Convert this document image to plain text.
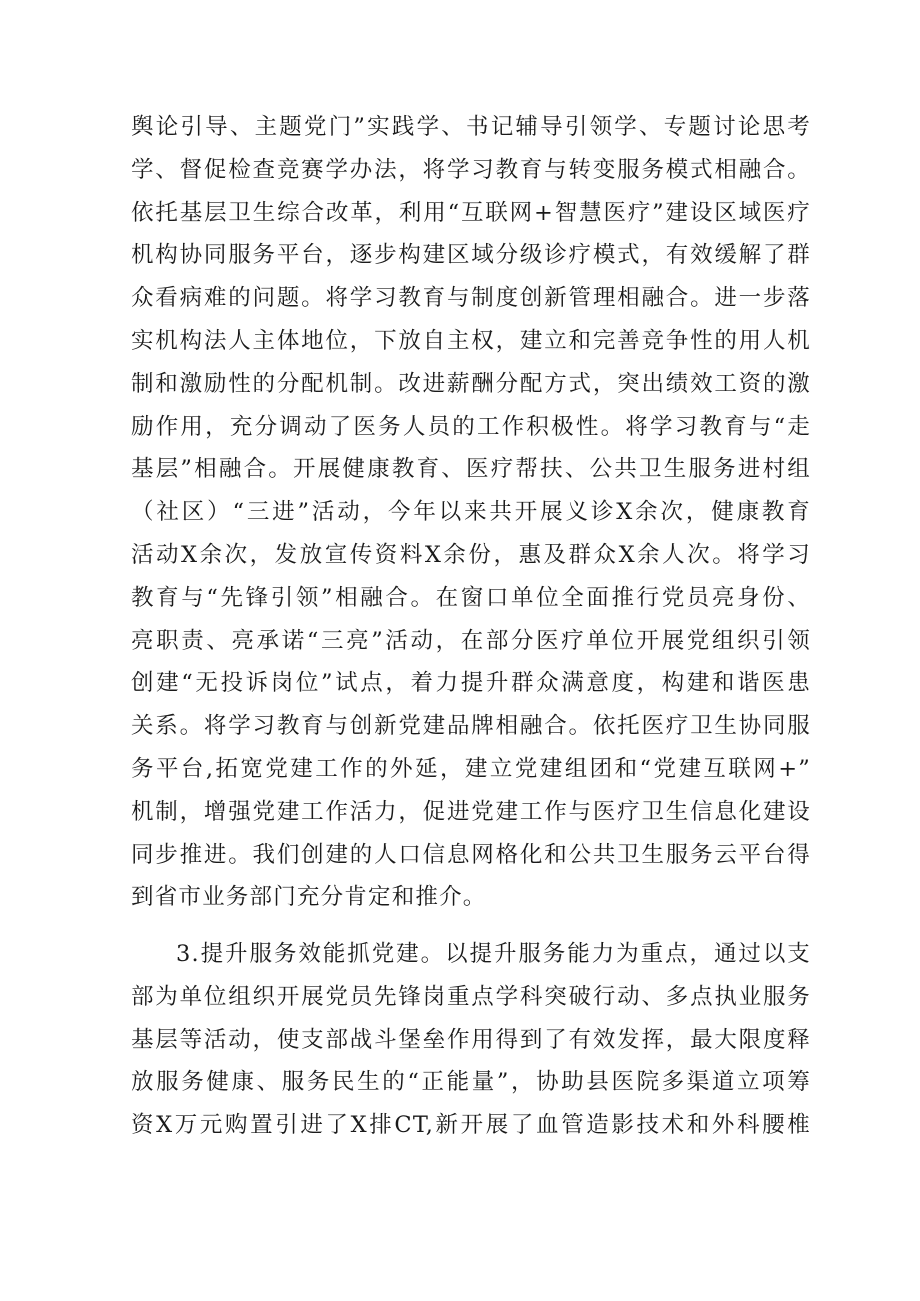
舆论引导、主题党门”实践学、书记辅导引领学、专题讨论思考
学、督促检查竞赛学办法，将学习教育与转变服务模式相融合。
依托基层卫生综合改革，利用“互联网+智慧医疗”建设区域医疗
机构协同服务平台，逐步构建区域分级诊疗模式，有效缓解了群
众看病难的问题。将学习教育与制度创新管理相融合。进一步落
实机构法人主体地位，下放自主权，建立和完善竞争性的用人机
制和激励性的分配机制。改进薪酬分配方式，突出绩效工资的激
励作用，充分调动了医务人员的工作积极性。将学习教育与“走
基层”相融合。开展健康教育、医疗帮扶、公共卫生服务进村组
（社区）“三进”活动，今年以来共开展义诊X余次，健康教育
活动X余次，发放宣传资料X余份，惠及群众X余人次。将学习
教育与“先锋引领”相融合。在窗口单位全面推行党员亮身份、
亮职责、亮承诺“三亮”活动，在部分医疗单位开展党组织引领
创建“无投诉岗位”试点，着力提升群众满意度，构建和谐医患
关系。将学习教育与创新党建品牌相融合。依托医疗卫生协同服
务平台,拓宽党建工作的外延，建立党建组团和“党建互联网+”
机制，增强党建工作活力，促进党建工作与医疗卫生信息化建设
同步推进。我们创建的人口信息网格化和公共卫生服务云平台得
到省市业务部门充分肯定和推介。
3.提升服务效能抓党建。以提升服务能力为重点，通过以支
部为单位组织开展党员先锋岗重点学科突破行动、多点执业服务
基层等活动，使支部战斗堡垒作用得到了有效发挥，最大限度释
放服务健康、服务民生的“正能量”，协助县医院多渠道立项筹
资X万元购置引进了X排CT,新开展了血管造影技术和外科腰椎
